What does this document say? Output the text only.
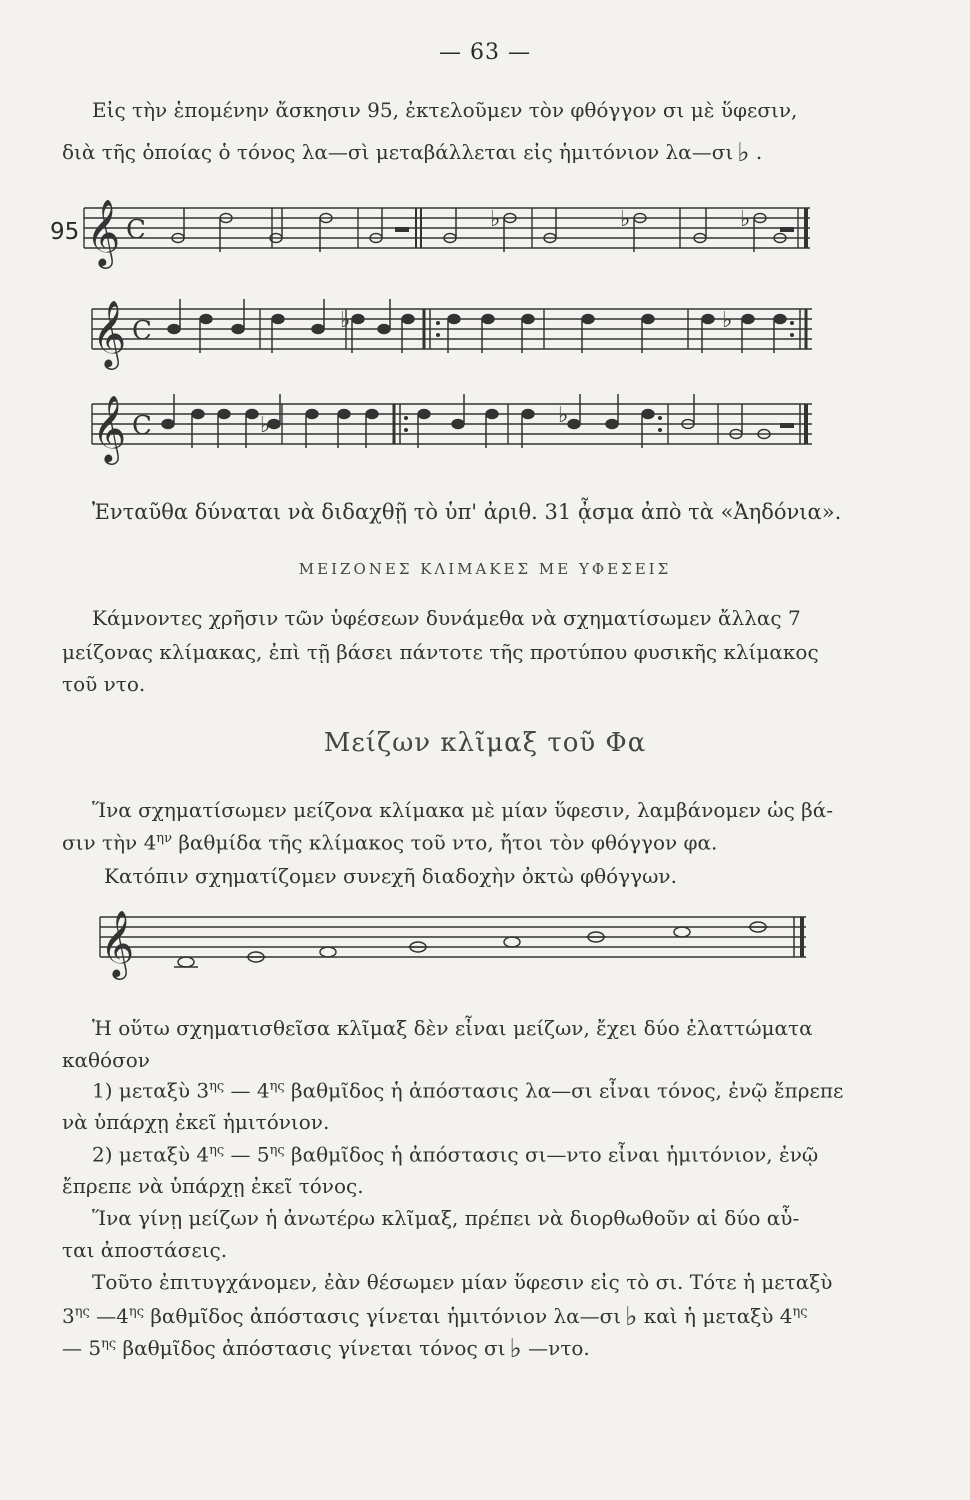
— 63 —
Εἰς τὴν ἑπομένην ἄσκησιν 95, ἐκτελοῦμεν τὸν φθόγγον σι μὲ ὕφεσιν,
διὰ τῆς ὁποίας ὁ τόνος λα—σὶ μεταβάλλεται εἰς ἡμιτόνιον λα—σι ♭ .
95 𝄞 C	♭	♭	♭
𝄞 C	♭	♭
𝄞 C	♭	♭
Ἐνταῦθα δύναται νὰ διδαχθῇ τὸ ὑπ' ἀριθ. 31 ᾆσμα ἀπὸ τὰ «Ἀηδόνια».
ΜΕΙΖΟΝΕΣ ΚΛΙΜΑΚΕΣ ΜΕ ΥΦΕΣΕΙΣ
Κάμνοντες χρῆσιν τῶν ὑφέσεων δυνάμεθα νὰ σχηματίσωμεν ἄλλας 7
μείζονας κλίμακας, ἐπὶ τῇ βάσει πάντοτε τῆς προτύπου φυσικῆς κλίμακος
τοῦ ντο.
Μείζων κλῖμαξ τοῦ Φα
Ἵνα σχηματίσωμεν μείζονα κλίμακα μὲ μίαν ὕφεσιν, λαμβάνομεν ὡς βά-
σιν τὴν $4^{\eta\nu}$ βαθμίδα τῆς κλίμακος τοῦ ντο, ἤτοι τὸν φθόγγον φα.
Κατόπιν σχηματίζομεν συνεχῆ διαδοχὴν ὀκτὼ φθόγγων.
𝄞
Ἡ οὕτω σχηματισθεῖσα κλῖμαξ δὲν εἶναι μείζων, ἔχει δύο ἐλαττώματα
καθόσον
1) μεταξὺ $3^{\eta\varsigma}$ — $4^{\eta\varsigma}$ βαθμῖδος ἡ ἀπόστασις λα—σι εἶναι τόνος, ἐνῷ ἔπρεπε
νὰ ὑπάρχῃ ἐκεῖ ἡμιτόνιον.
2) μεταξὺ $4^{\eta\varsigma}$ — $5^{\eta\varsigma}$ βαθμῖδος ἡ ἀπόστασις σι—ντο εἶναι ἡμιτόνιον, ἐνῷ
ἔπρεπε νὰ ὑπάρχῃ ἐκεῖ τόνος.
Ἵνα γίνῃ μείζων ἡ ἀνωτέρω κλῖμαξ, πρέπει νὰ διορθωθοῦν αἱ δύο αὗ-
ται ἀποστάσεις.
Τοῦτο ἐπιτυγχάνομεν, ἐὰν θέσωμεν μίαν ὕφεσιν εἰς τὸ σι. Τότε ἡ μεταξὺ
$3^{\eta\varsigma}$ $—4^{\eta\varsigma}$ βαθμῖδος ἀπόστασις γίνεται ἡμιτόνιον λα—σι ♭ καὶ ἡ μεταξὺ $4^{\eta\varsigma}$
— $5^{\eta\varsigma}$ βαθμῖδος ἀπόστασις γίνεται τόνος σι ♭ —ντο.
